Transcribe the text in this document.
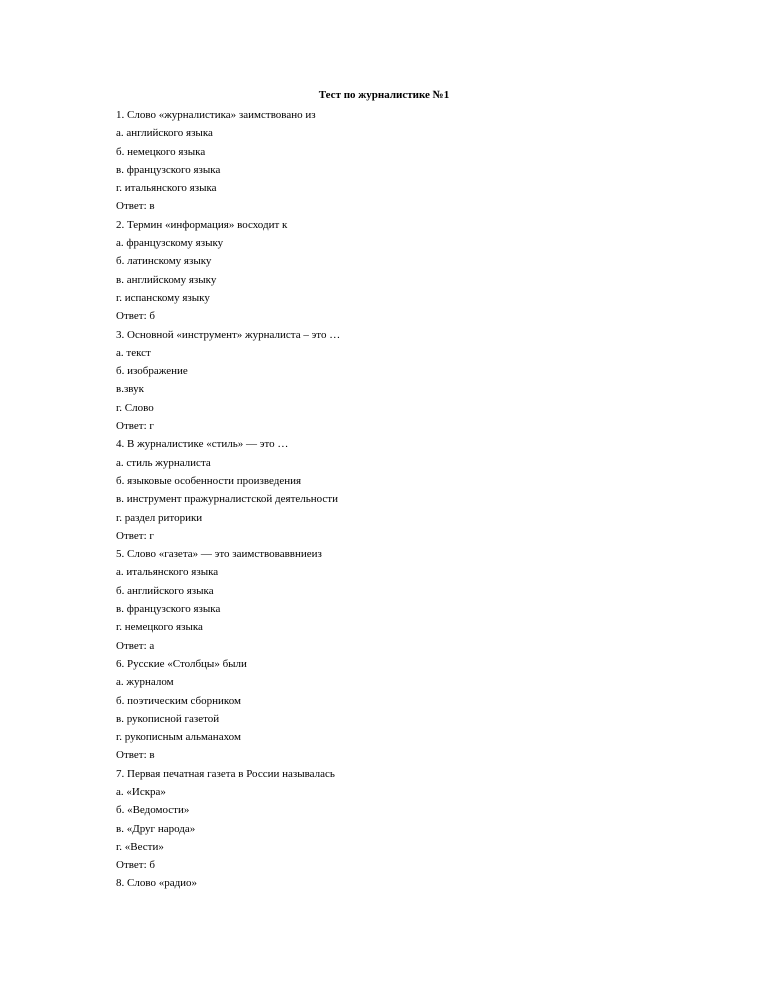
Тест по журналистике №1
1. Слово «журналистика» заимствовано из
а. английского языка
б. немецкого языка
в. французского языка
г. итальянского языка
Ответ: в
2. Термин «информация» восходит к
а. французскому языку
б. латинскому языку
в. английскому языку
г. испанскому языку
Ответ: б
3. Основной «инструмент» журналиста – это …
а. текст
б. изображение
в.звук
г. Слово
Ответ: г
4. В журналистике «стиль» — это …
а. стиль журналиста
б. языковые особенности произведения
в. инструмент пражурналистской деятельности
г. раздел риторики
Ответ: г
5. Слово «газета» — это заимствоваввниеиз
а. итальянского языка
б. английского языка
в. французского языка
г. немецкого языка
Ответ: а
6. Русские «Столбцы» были
а. журналом
б. поэтическим сборником
в. рукописной газетой
г. рукописным альманахом
Ответ: в
7. Первая печатная газета в России называлась
а. «Искра»
б. «Ведомости»
в. «Друг народа»
г. «Вести»
Ответ: б
8. Слово «радио»
